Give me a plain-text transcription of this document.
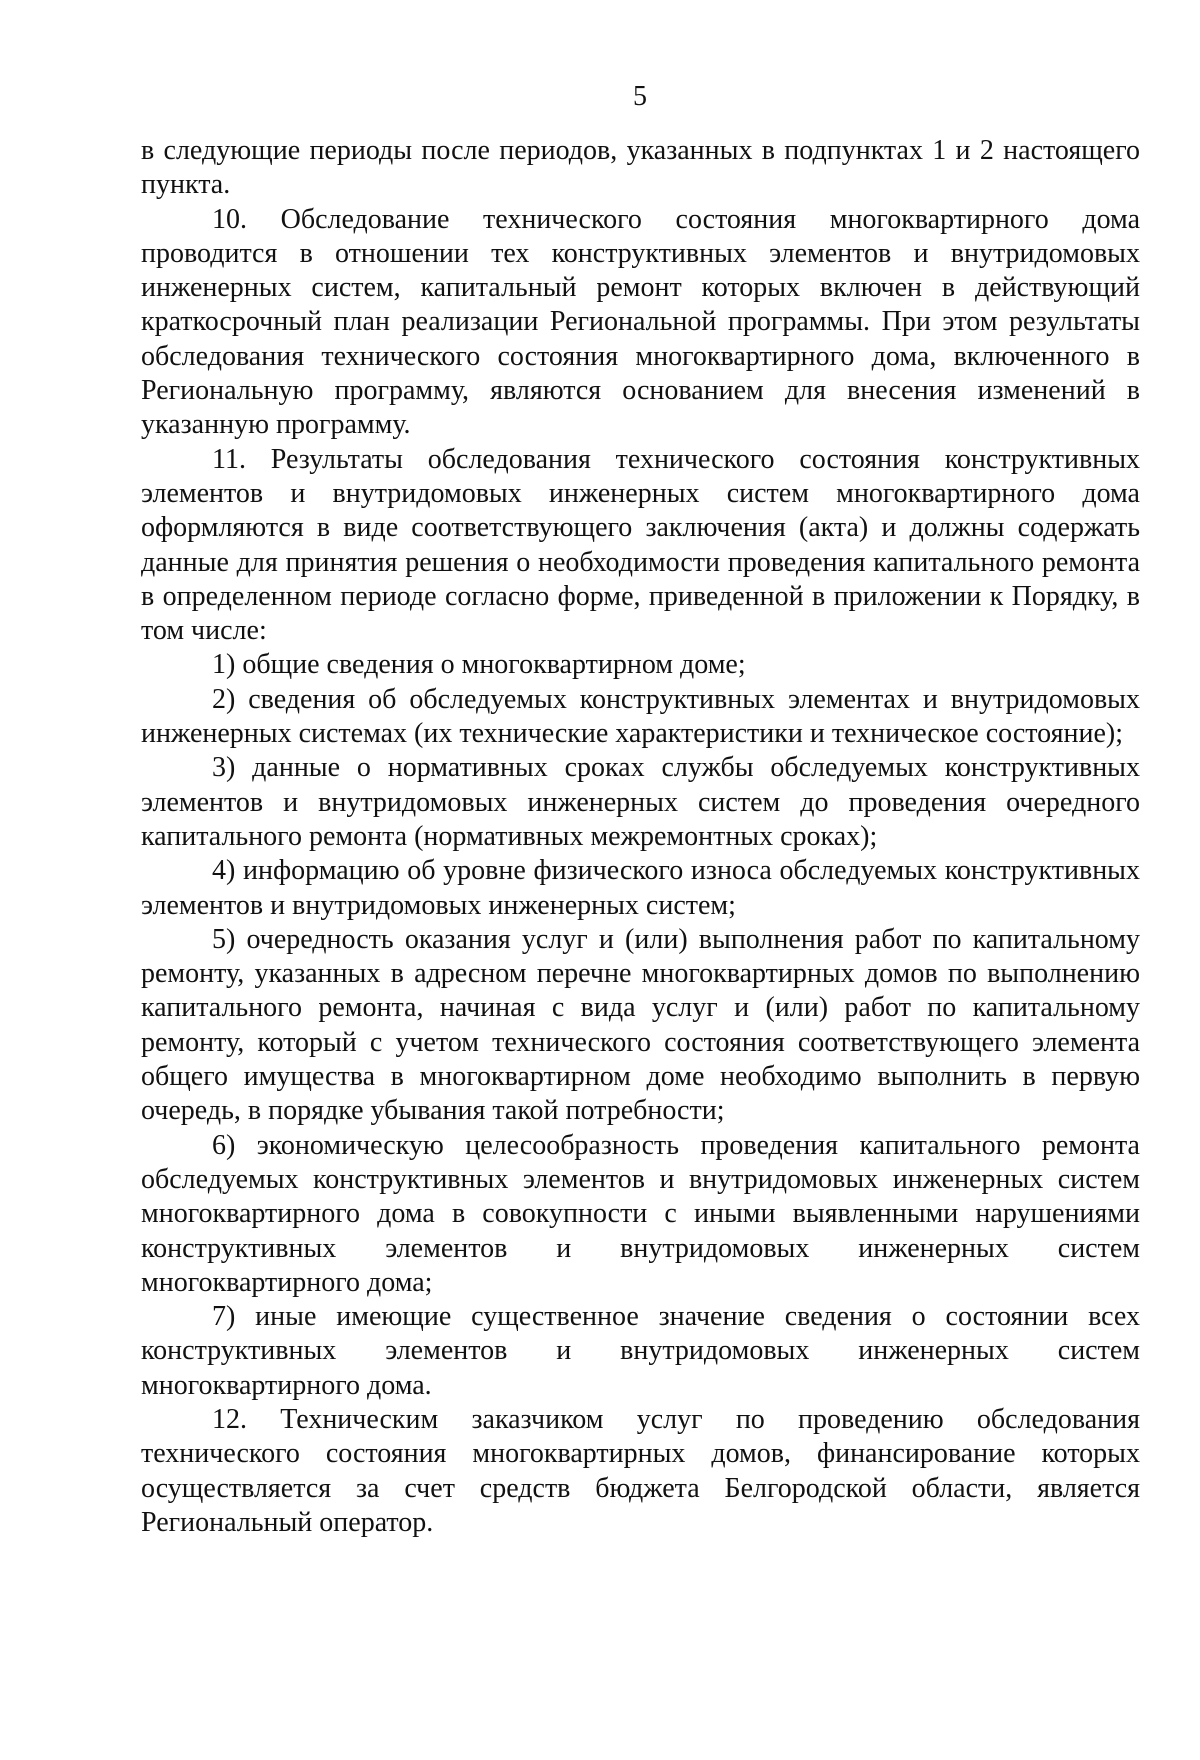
5

в следующие периоды после периодов, указанных в подпунктах 1 и 2 настоящего пункта.

10. Обследование технического состояния многоквартирного дома проводится в отношении тех конструктивных элементов и внутридомовых инженерных систем, капитальный ремонт которых включен в действующий краткосрочный план реализации Региональной программы. При этом результаты обследования технического состояния многоквартирного дома, включенного в Региональную программу, являются основанием для внесения изменений в указанную программу.

11. Результаты обследования технического состояния конструктивных элементов и внутридомовых инженерных систем многоквартирного дома оформляются в виде соответствующего заключения (акта) и должны содержать данные для принятия решения о необходимости проведения капитального ремонта в определенном периоде согласно форме, приведенной в приложении к Порядку, в том числе:

1) общие сведения о многоквартирном доме;

2) сведения об обследуемых конструктивных элементах и внутридомовых инженерных системах (их технические характеристики и техническое состояние);

3) данные о нормативных сроках службы обследуемых конструктивных элементов и внутридомовых инженерных систем до проведения очередного капитального ремонта (нормативных межремонтных сроках);

4) информацию об уровне физического износа обследуемых конструктивных элементов и внутридомовых инженерных систем;

5) очередность оказания услуг и (или) выполнения работ по капитальному ремонту, указанных в адресном перечне многоквартирных домов по выполнению капитального ремонта, начиная с вида услуг и (или) работ по капитальному ремонту, который с учетом технического состояния соответствующего элемента общего имущества в многоквартирном доме необходимо выполнить в первую очередь, в порядке убывания такой потребности;

6) экономическую целесообразность проведения капитального ремонта обследуемых конструктивных элементов и внутридомовых инженерных систем многоквартирного дома в совокупности с иными выявленными нарушениями конструктивных элементов и внутридомовых инженерных систем многоквартирного дома;

7) иные имеющие существенное значение сведения о состоянии всех конструктивных элементов и внутридомовых инженерных систем многоквартирного дома.

12. Техническим заказчиком услуг по проведению обследования технического состояния многоквартирных домов, финансирование которых осуществляется за счет средств бюджета Белгородской области, является Региональный оператор.
